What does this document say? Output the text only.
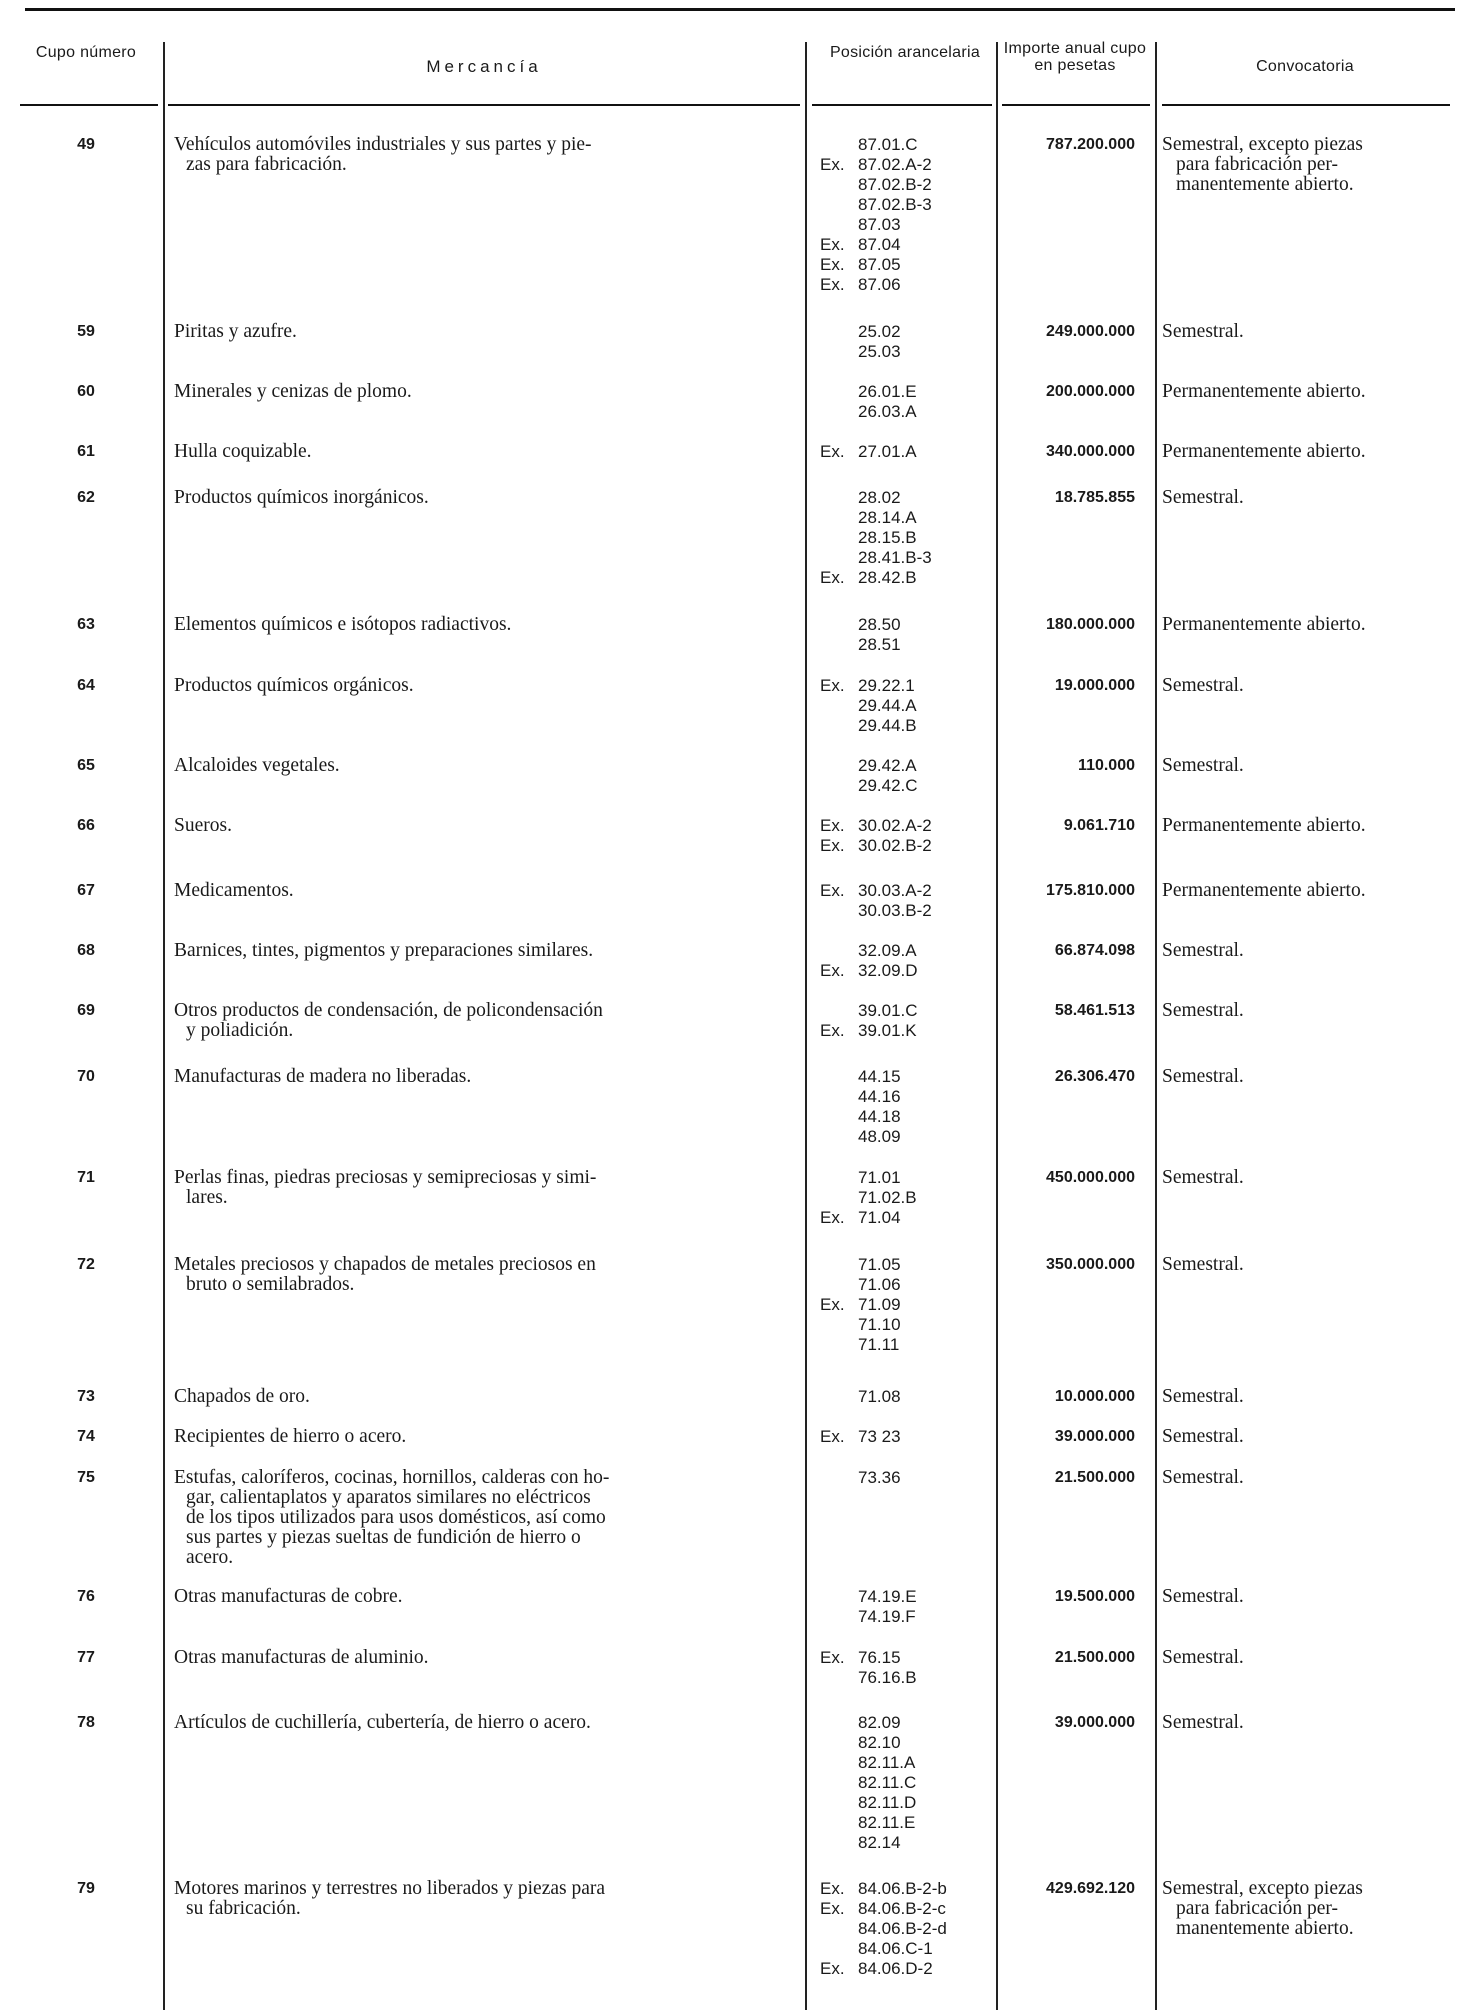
Cupo número
Mercancía
Posición arancelaria	Importe anual cupo en pesetas	Convocatoria
49	Vehículos automóviles industriales y sus partes y pie-
zas para fabricación.
87.01.C
Ex. 87.02.A-2
87.02.B-2
87.02.B-3
87.03
Ex. 87.04
Ex. 87.05
Ex. 87.06
787.200.000 Semestral, excepto piezas
para fabricación per-
manentemente abierto.
59	Piritas y azufre.	25.02
25.03
249.000.000 Semestral.
60	Minerales y cenizas de plomo.	26.01.E
26.03.A
200.000.000 Permanentemente abierto.
61	Hulla coquizable.	Ex. 27.01.A	340.000.000 Permanentemente abierto.
62	Productos químicos inorgánicos.	28.02
28.14.A
28.15.B
28.41.B-3
Ex. 28.42.B
18.785.855 Semestral.
63	Elementos químicos e isótopos radiactivos.	28.50
28.51
180.000.000 Permanentemente abierto.
64	Productos químicos orgánicos.	Ex. 29.22.1
29.44.A
29.44.B
19.000.000 Semestral.
65	Alcaloides vegetales.	29.42.A
29.42.C
110.000 Semestral.
66	Sueros.	Ex. 30.02.A-2
Ex. 30.02.B-2
9.061.710 Permanentemente abierto.
67	Medicamentos.	Ex. 30.03.A-2
30.03.B-2
175.810.000 Permanentemente abierto.
68	Barnices, tintes, pigmentos y preparaciones similares.	32.09.A
Ex. 32.09.D
66.874.098 Semestral.
69	Otros productos de condensación, de policondensación
y poliadición.
39.01.C
Ex. 39.01.K
58.461.513 Semestral.
70	Manufacturas de madera no liberadas.	44.15
44.16
44.18
48.09
26.306.470 Semestral.
71	Perlas finas, piedras preciosas y semipreciosas y simi-
lares.
71.01
71.02.B
Ex. 71.04
450.000.000 Semestral.
72	Metales preciosos y chapados de metales preciosos en
bruto o semilabrados.
71.05
71.06
Ex. 71.09
71.10
71.11
350.000.000 Semestral.
73	Chapados de oro.	71.08	10.000.000 Semestral.
74	Recipientes de hierro o acero.	Ex. 73 23	39.000.000 Semestral.
75	Estufas, caloríferos, cocinas, hornillos, calderas con ho-
gar, calientaplatos y aparatos similares no eléctricos
de los tipos utilizados para usos domésticos, así como
sus partes y piezas sueltas de fundición de hierro o
acero.
73.36	21.500.000 Semestral.
76	Otras manufacturas de cobre.	74.19.E
74.19.F
19.500.000 Semestral.
77	Otras manufacturas de aluminio.	Ex. 76.15
76.16.B
21.500.000 Semestral.
78	Artículos de cuchillería, cubertería, de hierro o acero.	82.09
82.10
82.11.A
82.11.C
82.11.D
82.11.E
82.14
39.000.000 Semestral.
79	Motores marinos y terrestres no liberados y piezas para
su fabricación.
Ex. 84.06.B-2-b
Ex. 84.06.B-2-c
84.06.B-2-d
84.06.C-1
Ex. 84.06.D-2
429.692.120 Semestral, excepto piezas
para fabricación per-
manentemente abierto.
